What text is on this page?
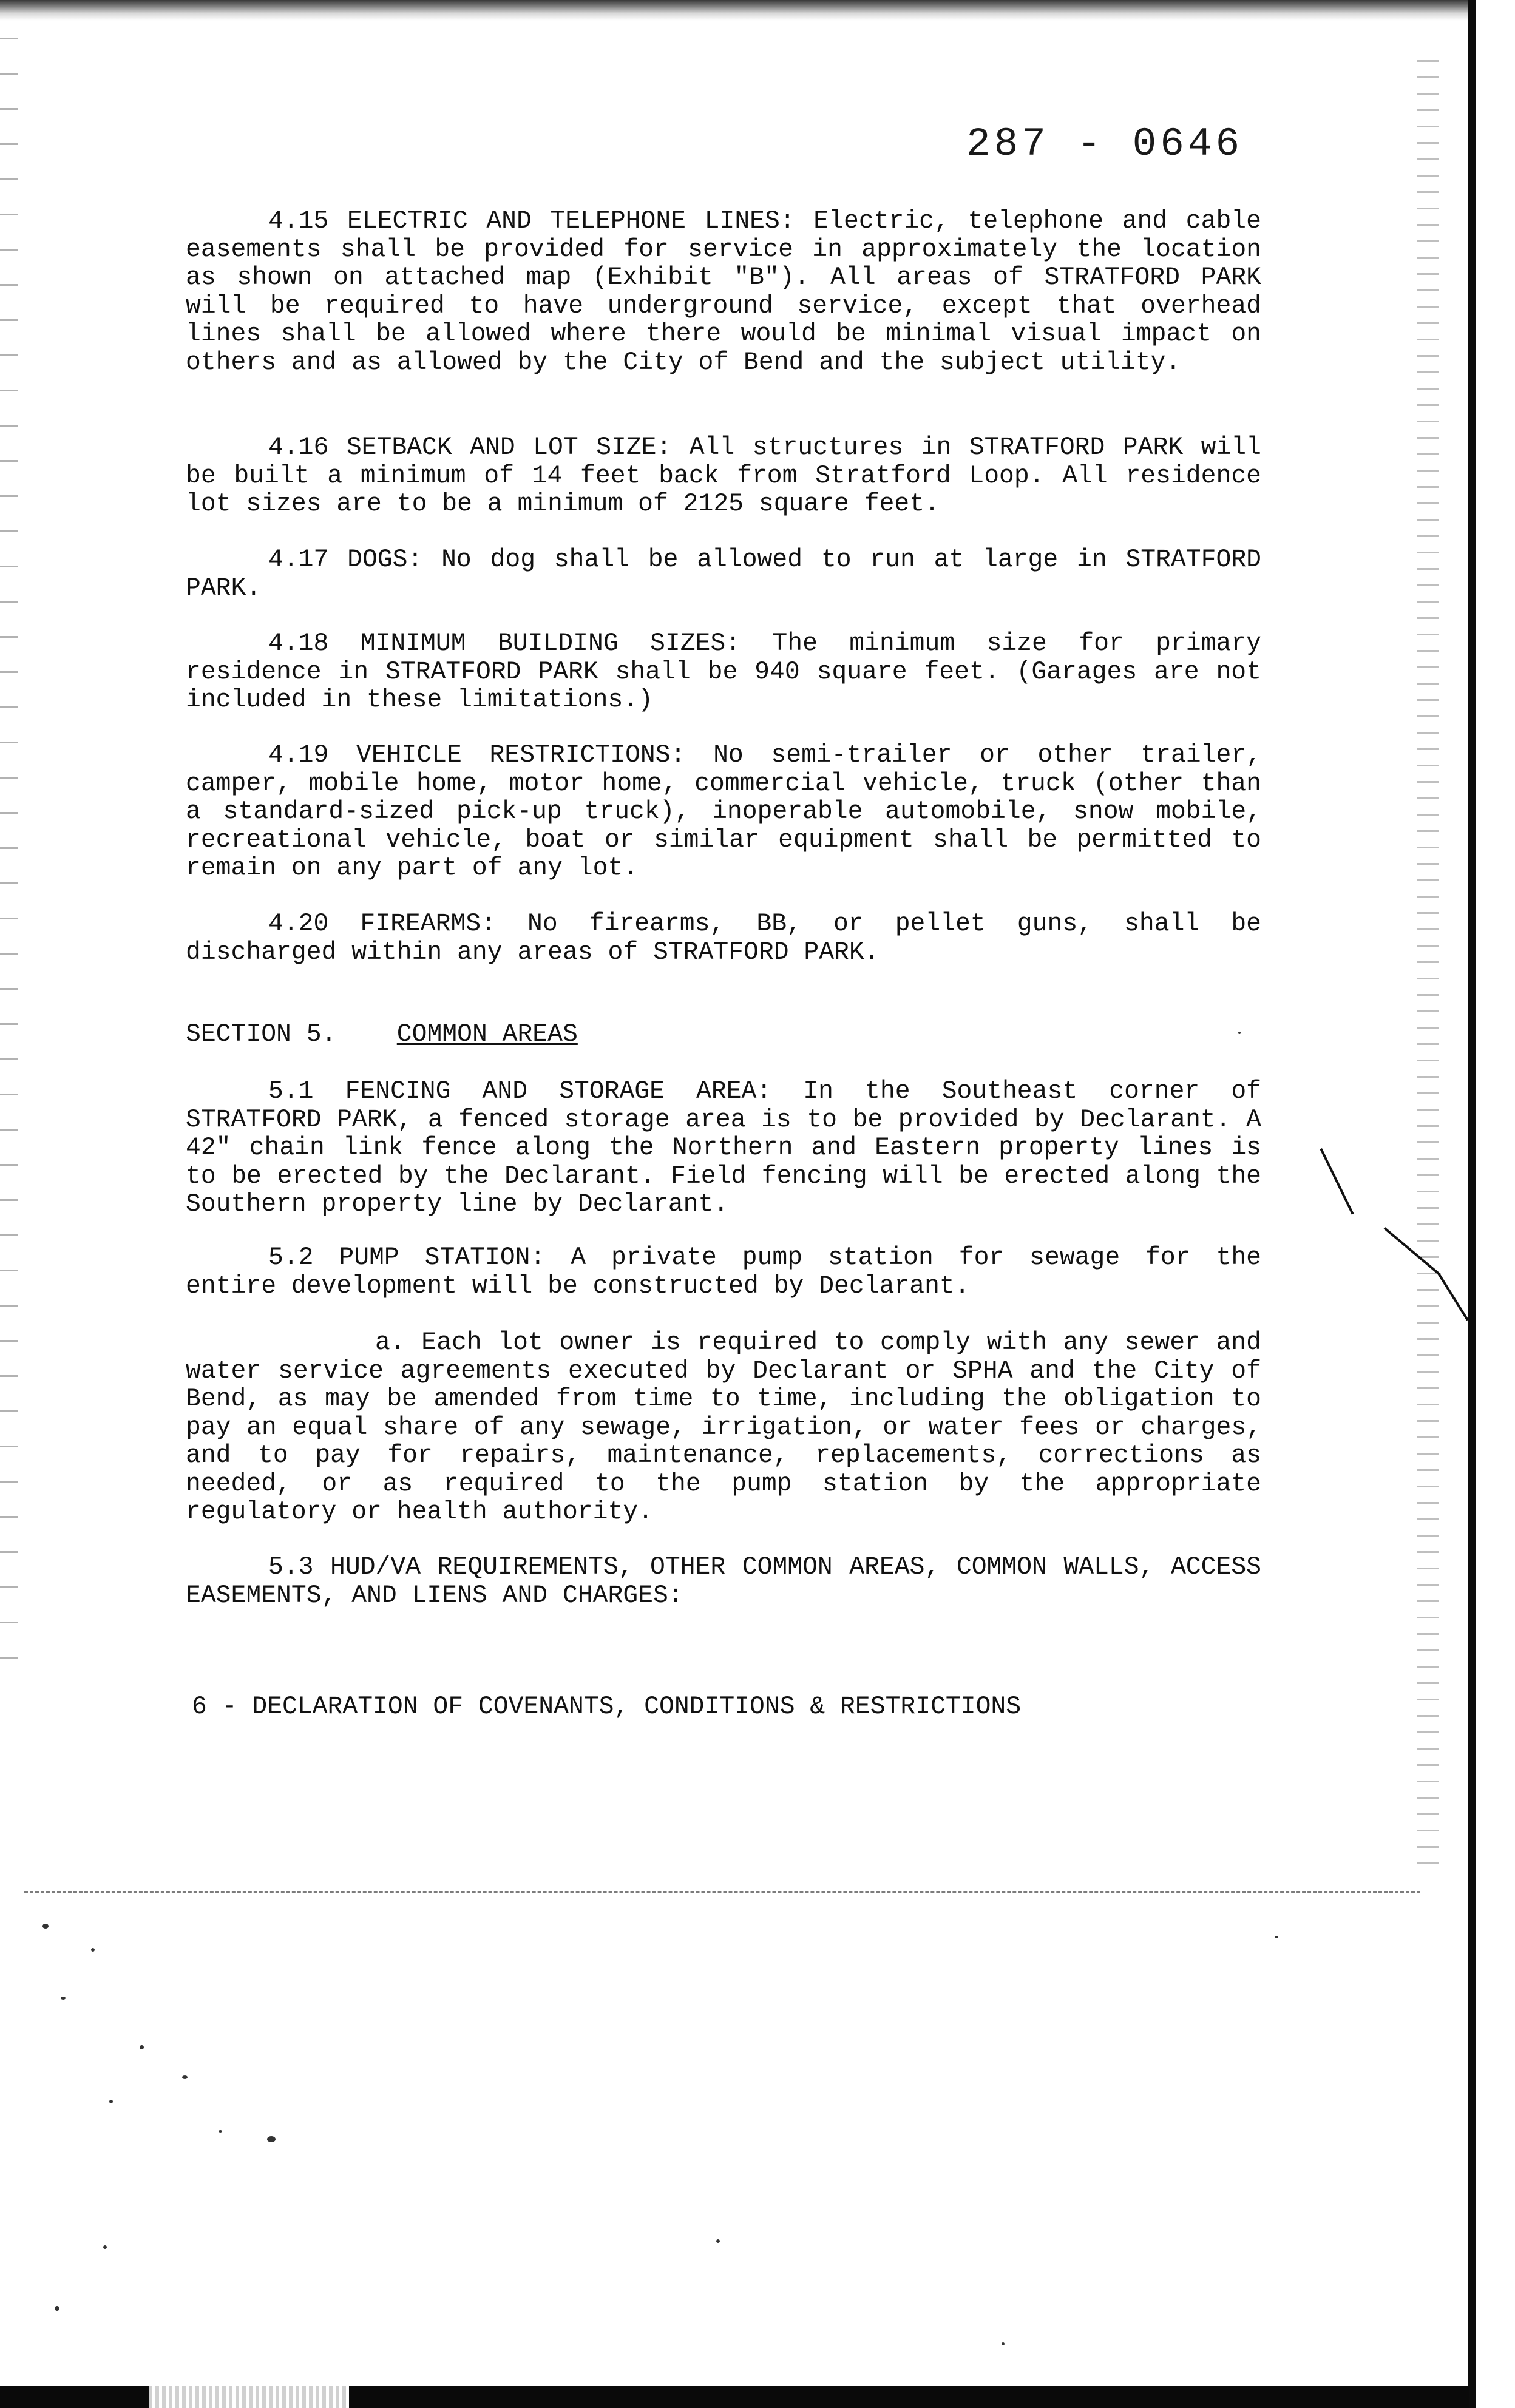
287 - 0646

4.15 ELECTRIC AND TELEPHONE LINES: Electric, telephone and cable easements shall be provided for service in approximately the location as shown on attached map (Exhibit "B"). All areas of STRATFORD PARK will be required to have underground service, except that overhead lines shall be allowed where there would be minimal visual impact on others and as allowed by the City of Bend and the subject utility.

4.16 SETBACK AND LOT SIZE: All structures in STRATFORD PARK will be built a minimum of 14 feet back from Stratford Loop. All residence lot sizes are to be a minimum of 2125 square feet.

4.17 DOGS: No dog shall be allowed to run at large in STRATFORD PARK.

4.18 MINIMUM BUILDING SIZES: The minimum size for primary residence in STRATFORD PARK shall be 940 square feet. (Garages are not included in these limitations.)

4.19 VEHICLE RESTRICTIONS: No semi-trailer or other trailer, camper, mobile home, motor home, commercial vehicle, truck (other than a standard-sized pick-up truck), inoperable automobile, snow mobile, recreational vehicle, boat or similar equipment shall be permitted to remain on any part of any lot.

4.20 FIREARMS: No firearms, BB, or pellet guns, shall be discharged within any areas of STRATFORD PARK.

SECTION 5. COMMON AREAS

5.1 FENCING AND STORAGE AREA: In the Southeast corner of STRATFORD PARK, a fenced storage area is to be provided by Declarant. A 42" chain link fence along the Northern and Eastern property lines is to be erected by the Declarant. Field fencing will be erected along the Southern property line by Declarant.

5.2 PUMP STATION: A private pump station for sewage for the entire development will be constructed by Declarant.

a. Each lot owner is required to comply with any sewer and water service agreements executed by Declarant or SPHA and the City of Bend, as may be amended from time to time, including the obligation to pay an equal share of any sewage, irrigation, or water fees or charges, and to pay for repairs, maintenance, replacements, corrections as needed, or as required to the pump station by the appropriate regulatory or health authority.

5.3 HUD/VA REQUIREMENTS, OTHER COMMON AREAS, COMMON WALLS, ACCESS EASEMENTS, AND LIENS AND CHARGES:

6 - DECLARATION OF COVENANTS, CONDITIONS & RESTRICTIONS
